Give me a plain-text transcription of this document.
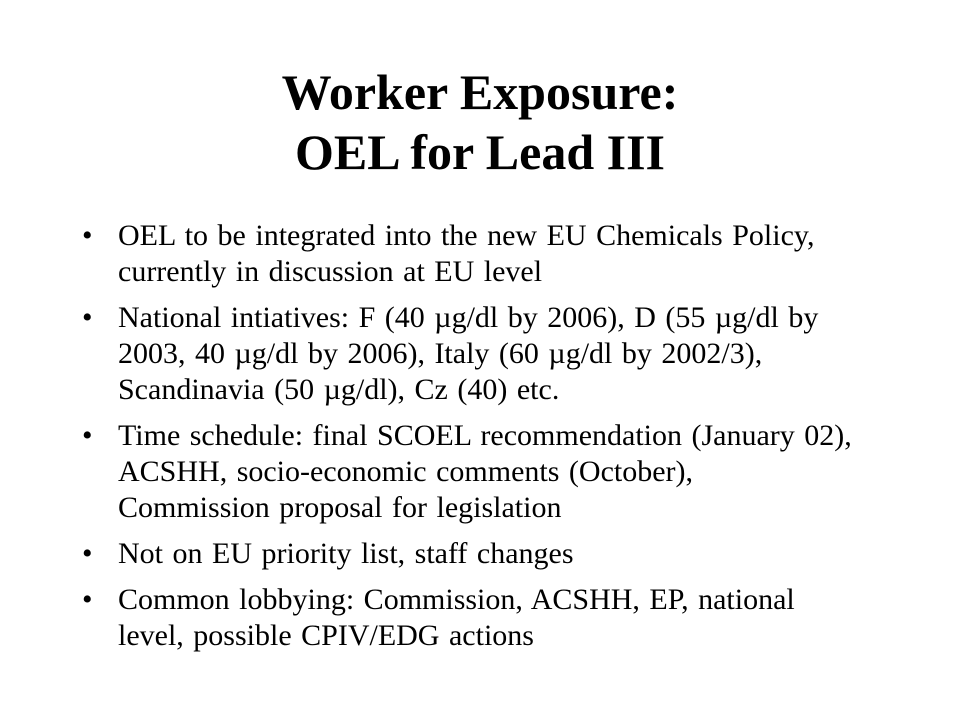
Worker Exposure:
OEL for Lead III
• OEL to be integrated into the new EU Chemicals Policy, currently in discussion at EU level
• National intiatives: F (40 µg/dl by 2006), D (55 µg/dl by 2003, 40 µg/dl by 2006), Italy (60 µg/dl by 2002/3), Scandinavia (50 µg/dl), Cz (40) etc.
• Time schedule: final SCOEL recommendation (January 02), ACSHH, socio-economic comments (October), Commission proposal for legislation
• Not on EU priority list, staff changes
• Common lobbying: Commission, ACSHH, EP, national level, possible CPIV/EDG actions
